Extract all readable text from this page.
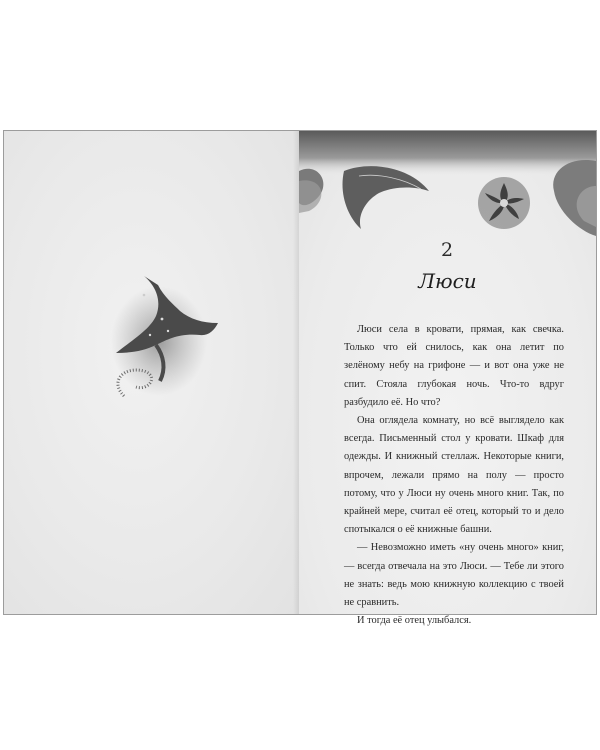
2
Люси

Люси села в кровати, прямая, как свечка. Только что ей снилось, как она летит по зелёному небу на грифоне — и вот она уже не спит. Стояла глубокая ночь. Что-то вдруг разбудило её. Но что?

Она оглядела комнату, но всё выглядело как всегда. Письменный стол у кровати. Шкаф для одежды. И книжный стеллаж. Некоторые книги, впрочем, лежали прямо на полу — просто потому, что у Люси ну очень много книг. Так, по крайней мере, считал её отец, который то и дело спотыкался о её книжные башни.

— Невозможно иметь «ну очень много» книг, — всегда отвечала на это Люси. — Тебе ли этого не знать: ведь мою книжную коллекцию с твоей не сравнить.

И тогда её отец улыбался.
